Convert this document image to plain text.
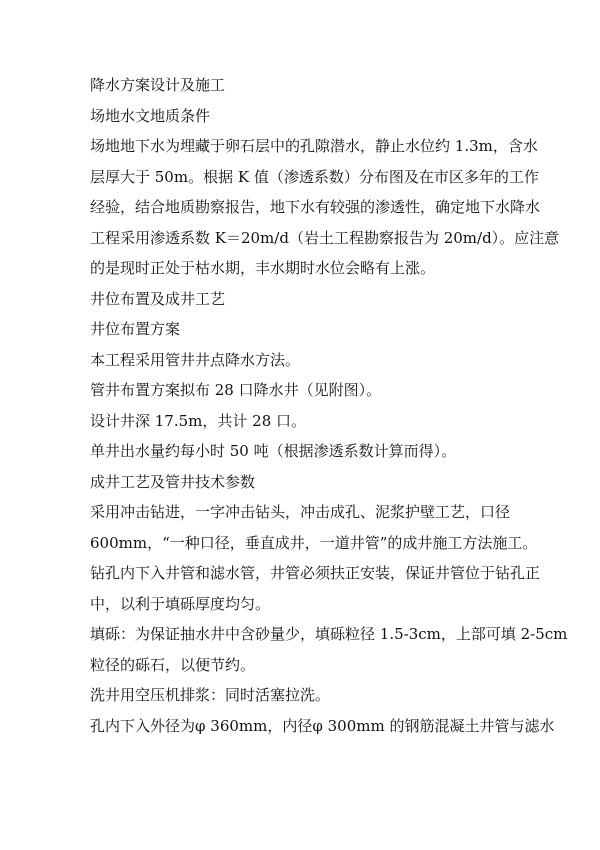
降水方案设计及施工

场地水文地质条件

场地地下水为埋藏于卵石层中的孔隙潜水，静止水位约 1.3m，含水
层厚大于 50m。根据 K 值（渗透系数）分布图及在市区多年的工作
经验，结合地质勘察报告，地下水有较强的渗透性，确定地下水降水
工程采用渗透系数 K＝20m/d（岩土工程勘察报告为 20m/d）。应注意
的是现时正处于枯水期，丰水期时水位会略有上涨。

井位布置及成井工艺

井位布置方案

本工程采用管井井点降水方法。

管井布置方案拟布 28 口降水井（见附图）。

设计井深 17.5m，共计 28 口。

单井出水量约每小时 50 吨（根据渗透系数计算而得）。

成井工艺及管井技术参数

采用冲击钻进，一字冲击钻头，冲击成孔、泥浆护壁工艺，口径
600mm，“一种口径，垂直成井，一道井管”的成井施工方法施工。
钻孔内下入井管和滤水管，井管必须扶正安装，保证井管位于钻孔正
中，以利于填砾厚度均匀。
填砾：为保证抽水井中含砂量少，填砾粒径 1.5-3cm，上部可填 2-5cm
粒径的砾石，以便节约。

洗井用空压机排浆：同时活塞拉洗。

孔内下入外径为φ 360mm，内径φ 300mm 的钢筋混凝土井管与滤水
